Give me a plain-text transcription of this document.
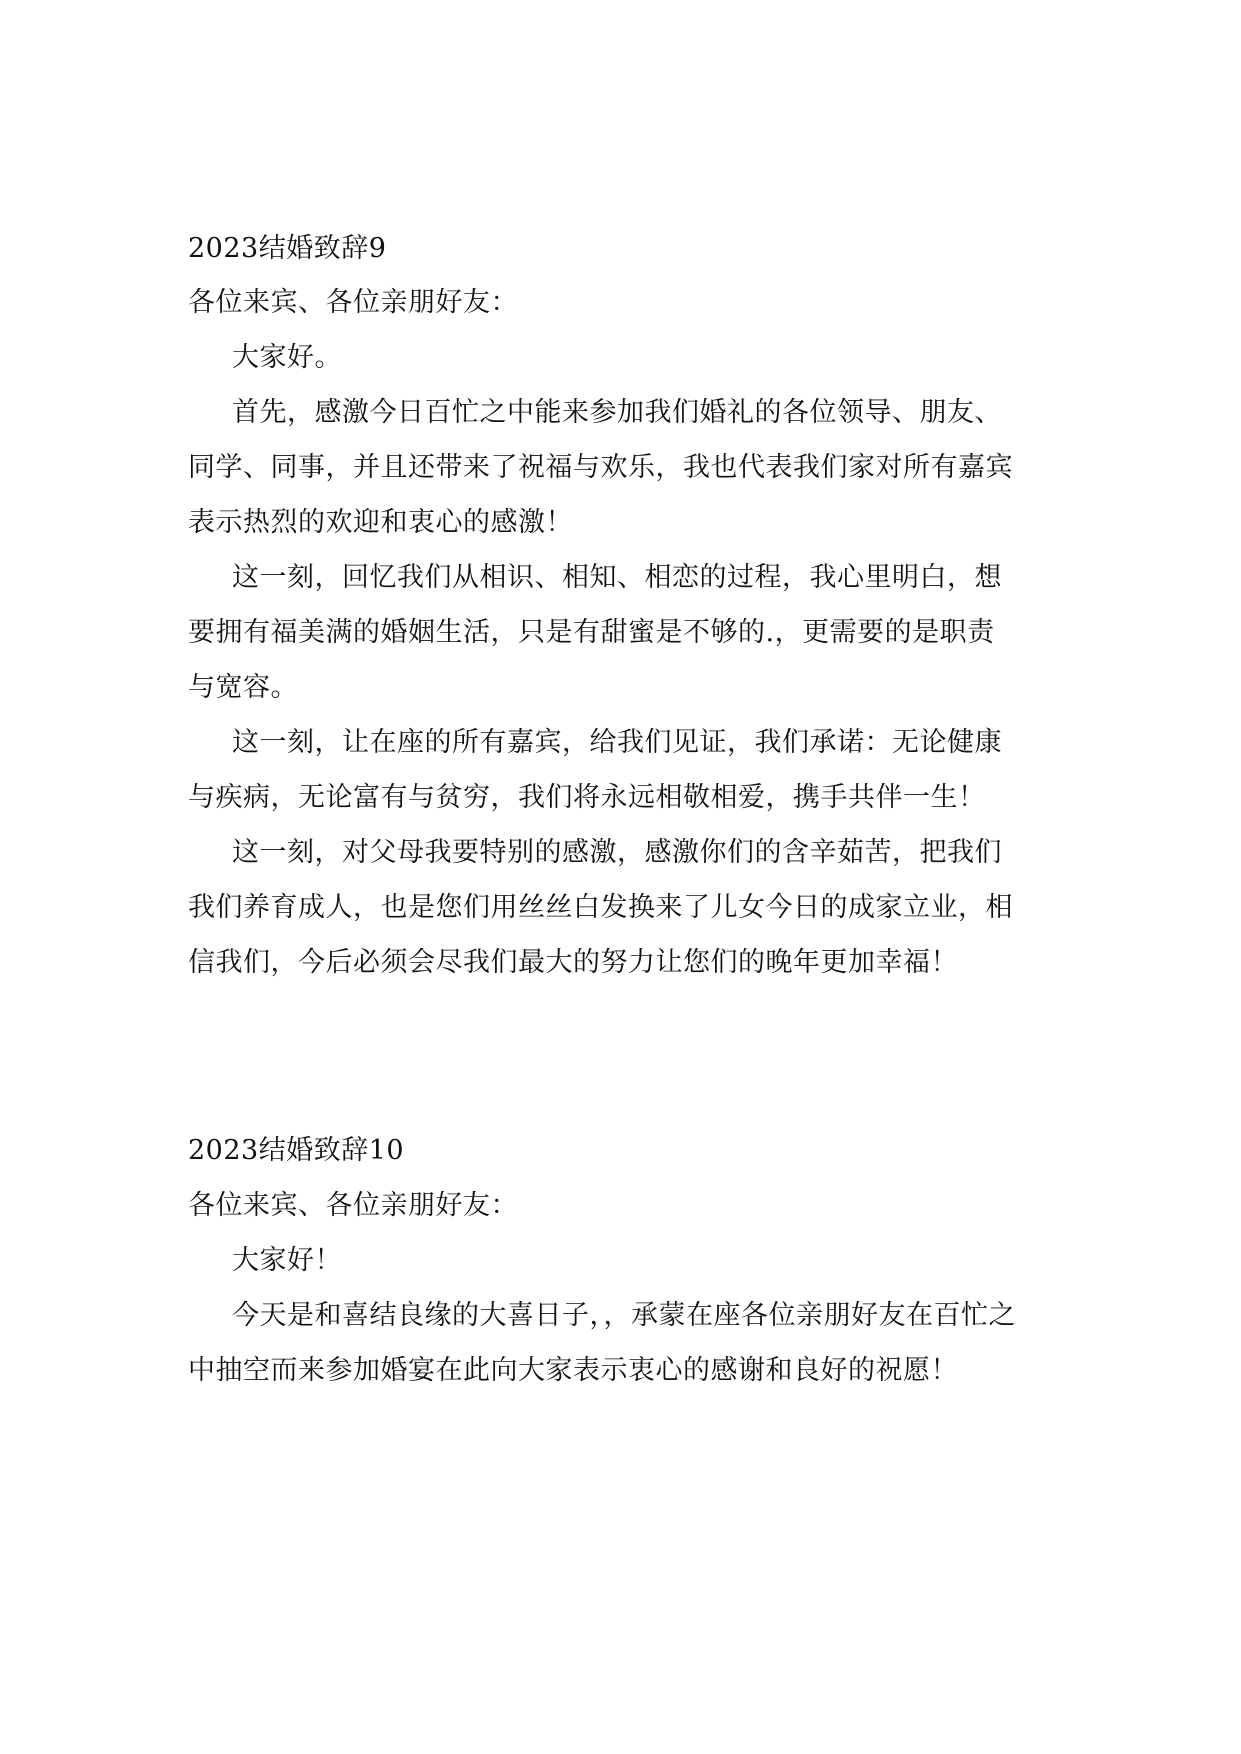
2023结婚致辞9
各位来宾、各位亲朋好友：
大家好。
首先，感激今日百忙之中能来参加我们婚礼的各位领导、朋友、
同学、同事，并且还带来了祝福与欢乐，我也代表我们家对所有嘉宾
表示热烈的欢迎和衷心的感激！
这一刻，回忆我们从相识、相知、相恋的过程，我心里明白，想
要拥有福美满的婚姻生活，只是有甜蜜是不够的.，更需要的是职责
与宽容。
这一刻，让在座的所有嘉宾，给我们见证，我们承诺：无论健康
与疾病，无论富有与贫穷，我们将永远相敬相爱，携手共伴一生！
这一刻，对父母我要特别的感激，感激你们的含辛茹苦，把我们
我们养育成人，也是您们用丝丝白发换来了儿女今日的成家立业，相
信我们，今后必须会尽我们最大的努力让您们的晚年更加幸福！
2023结婚致辞10
各位来宾、各位亲朋好友：
大家好！
今天是和喜结良缘的大喜日子，，承蒙在座各位亲朋好友在百忙之
中抽空而来参加婚宴在此向大家表示衷心的感谢和良好的祝愿！
